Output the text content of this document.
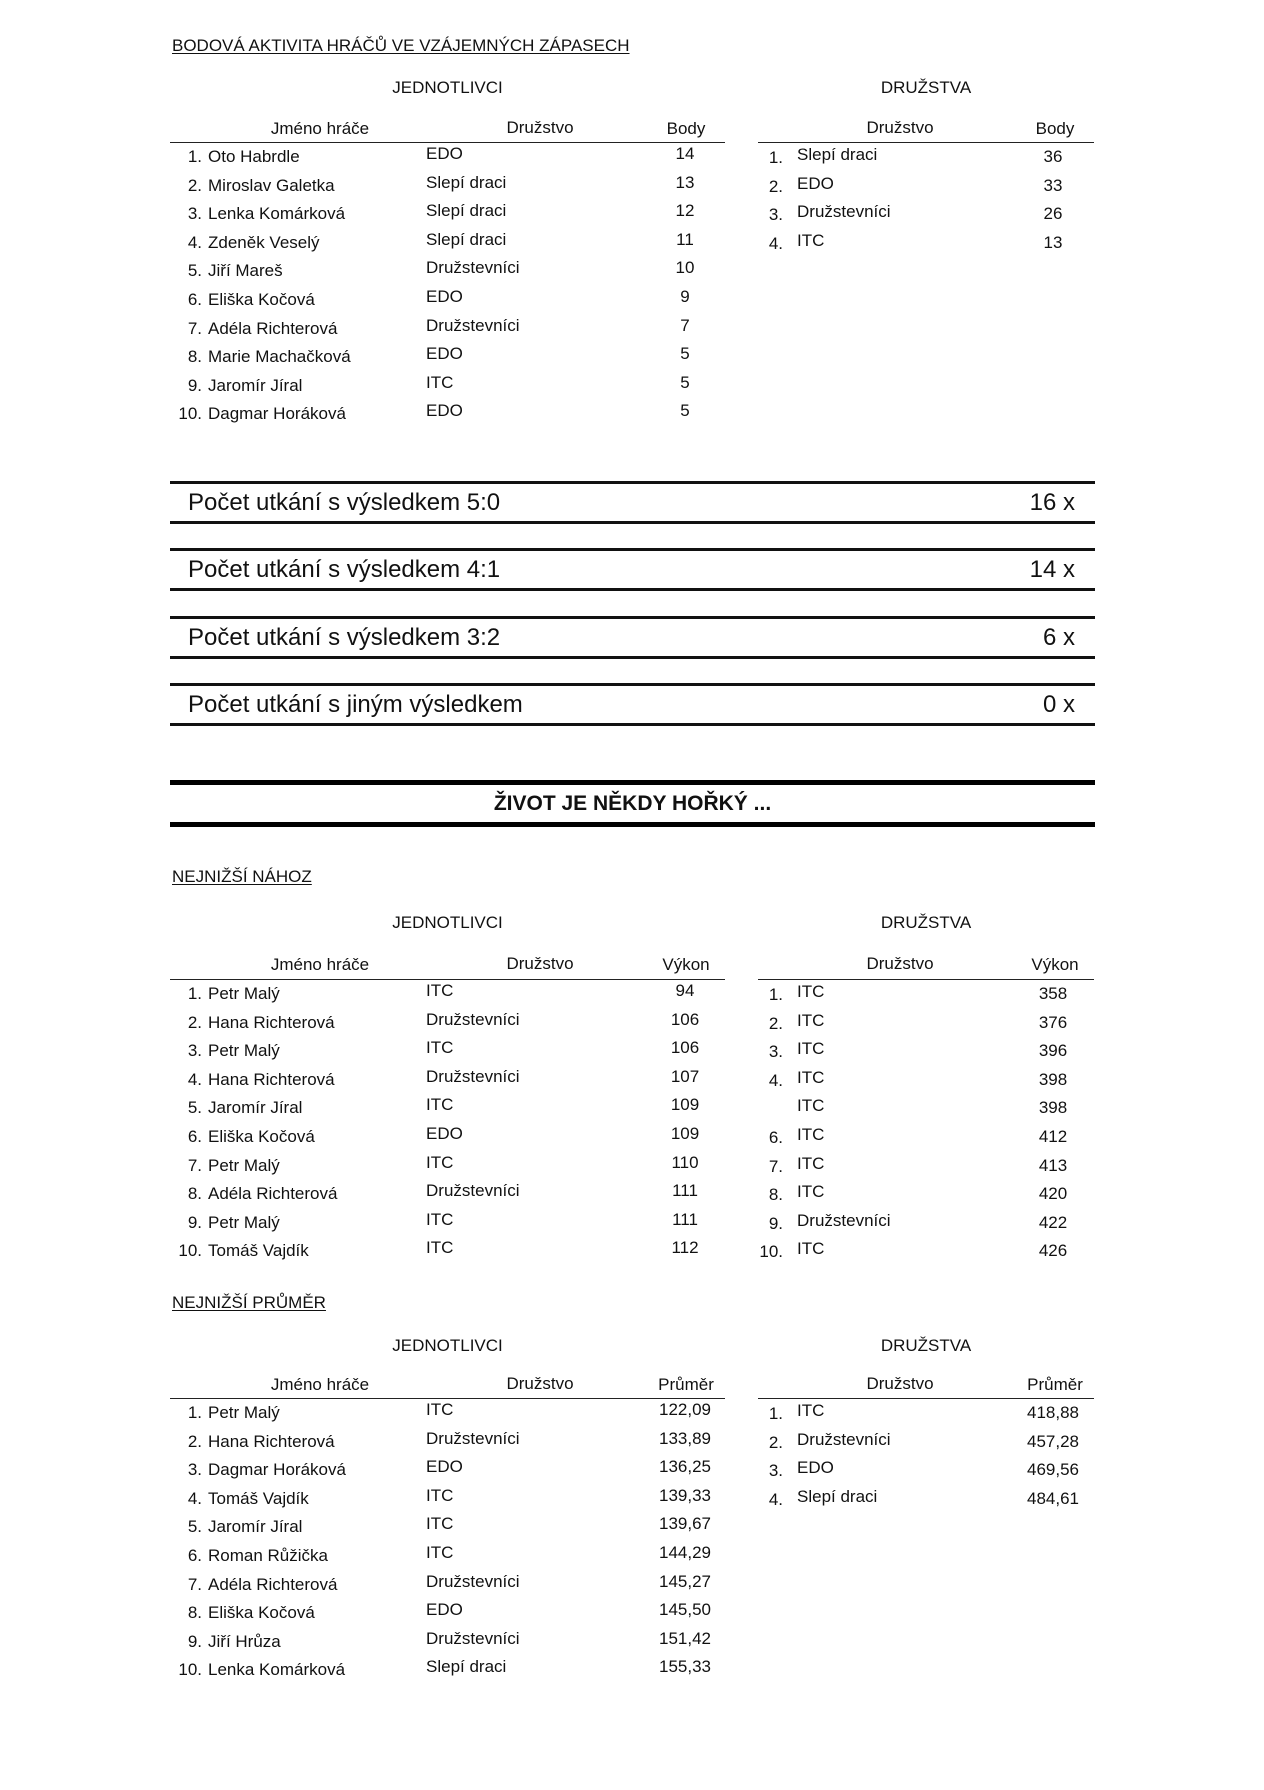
BODOVÁ AKTIVITA HRÁČŮ VE VZÁJEMNÝCH ZÁPASECH
JEDNOTLIVCI	DRUŽSTVA
Jméno hráče	Družstvo	Body
1. Oto Habrdle	EDO	14
2. Miroslav Galetka	Slepí draci	13
3. Lenka Komárková	Slepí draci	12
4. Zdeněk Veselý	Slepí draci	11
5. Jiří Mareš	Družstevníci	10
6. Eliška Kočová	EDO	9
7. Adéla Richterová	Družstevníci	7
8. Marie Machačková	EDO	5
9. Jaromír Jíral	ITC	5
10. Dagmar Horáková	EDO	5
Družstvo	Body
1. Slepí draci	36
2. EDO	33
3. Družstevníci	26
4. ITC	13
Počet utkání s výsledkem 5:0	16 x
Počet utkání s výsledkem 4:1	14 x
Počet utkání s výsledkem 3:2	6 x
Počet utkání s jiným výsledkem	0 x
ŽIVOT JE NĚKDY HOŘKÝ ...
NEJNIŽŠÍ NÁHOZ
JEDNOTLIVCI	DRUŽSTVA
Jméno hráče	Družstvo	Výkon
1. Petr Malý	ITC	94
2. Hana Richterová	Družstevníci	106
3. Petr Malý	ITC	106
4. Hana Richterová	Družstevníci	107
5. Jaromír Jíral	ITC	109
6. Eliška Kočová	EDO	109
7. Petr Malý	ITC	110
8. Adéla Richterová	Družstevníci	111
9. Petr Malý	ITC	111
10. Tomáš Vajdík	ITC	112
Družstvo	Výkon
1. ITC	358
2. ITC	376
3. ITC	396
4. ITC	398
ITC	398
6. ITC	412
7. ITC	413
8. ITC	420
9. Družstevníci	422
10. ITC	426
NEJNIŽŠÍ PRŮMĚR
JEDNOTLIVCI	DRUŽSTVA
Jméno hráče	Družstvo	Průměr
1. Petr Malý	ITC	122,09
2. Hana Richterová	Družstevníci	133,89
3. Dagmar Horáková	EDO	136,25
4. Tomáš Vajdík	ITC	139,33
5. Jaromír Jíral	ITC	139,67
6. Roman Růžička	ITC	144,29
7. Adéla Richterová	Družstevníci	145,27
8. Eliška Kočová	EDO	145,50
9. Jiří Hrůza	Družstevníci	151,42
10. Lenka Komárková	Slepí draci	155,33
Družstvo	Průměr
1. ITC	418,88
2. Družstevníci	457,28
3. EDO	469,56
4. Slepí draci	484,61
